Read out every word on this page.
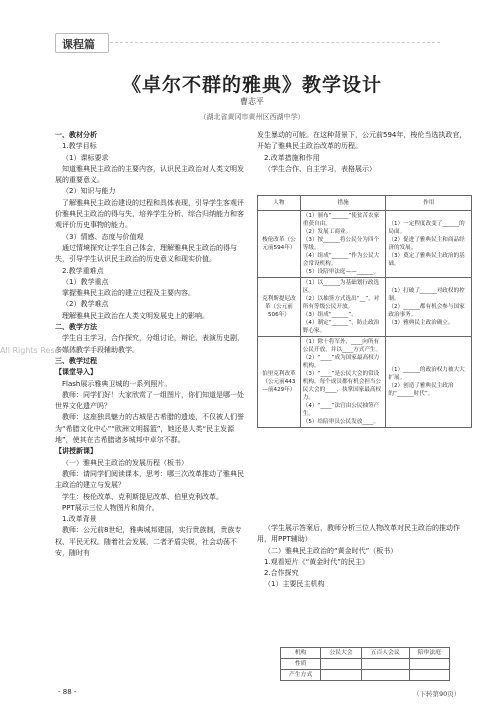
课程篇
《卓尔不群的雅典》教学设计
曹志平
（湖北省黄冈市黄州区西湖中学）

一、教材分析

1.教学目标

（1）课标要求

知道雅典民主政治的主要内容，认识民主政治对人类文明发展的重要意义。

（2）知识与能力

了解雅典民主政治建设的过程和具体表现，引导学生客观评价雅典民主政治的得与失，培养学生分析、综合归纳能力和客观评价历史事物的能力。

（3）情感、态度与价值观

通过情境探究让学生自己体会，理解雅典民主政治的得与失，引导学生认识民主政治的历史意义和现实价值。

2.教学重难点

（1）教学重点

掌握雅典民主政治的建立过程及主要内容。

（2）教学难点

理解雅典民主政治在人类文明发展史上的影响。

二、教学方法

学生自主学习，合作探究，分组讨论，辩论，表演历史剧，多媒体教学手段辅助教学。

三、教学过程

【课堂导入】

Flash展示雅典卫城的一系列照片。

教师：同学们好！大家欣赏了一组图片，你们知道是哪一处世界文化遗产吗？

教师：这座独具魅力的古城是古希腊的遗迹，不仅被人们誉为“希腊文化中心”“欧洲文明摇篮”，她还是人类“民主发源地”，使其在古希腊诸多城邦中卓尔不群。

【讲授新课】

（一）雅典民主政治的发展历程（板书）

教师：请同学们阅读课本，思考：哪三次改革推动了雅典民主政治的建立与发展？

学生：梭伦改革、克利斯提尼改革、伯里克利改革。

PPT展示三位人物图片和简介。

1.改革背景

教师：公元前8世纪，雅典城邦建国，实行贵族制，贵族专权、平民无权。随着社会发展，二者矛盾尖锐，社会动荡不安，随时有

发生暴动的可能。在这种背景下，公元前594年，梭伦当选执政官，开始了雅典民主政治改革的历程。

2.改革措施和作用

（学生合作、自主学习，表格展示）

人物	措施	作用
梭伦改革（公元前594年）	（1）颁布“______”使贫苦农家重获自由。
（2）发展工商业。
（3）按______将公民分为四个等级。
（4）组成“______”作为公民大会常设机构。
（5）设陪审法庭——______。	（1）一定程度改变了______的局面。
（2）促进了雅典民主和商品经济的发展。
（3）奠定了雅典民主政治的基础。
克利斯提尼改革（公元前506年）	（1）以______为基础划行政选区。
（2）以抽签方式选出“__”。对所有等级公民开放。
（3）组成“______”。
（4）制定“______”，防止政治野心家。	（1）打破了______对政权的控制。
（2）______都有机会参与国家政治事务。
（3）雅典民主政治确立。
伯里克利改革（公元前443—前429年）	（1）除十将军外，____向所有公民开放，并以____方式产生。
（2）“____”成为国家最高权力机构。
（3）“____”是公民大会的常设机构，每个成员都有机会担当公民大会的____，执掌国家最高权力。
（4）“____”法官由公民抽签产生。
（5）给陪审员公民发放____。	（1）______的政治权力被大大扩展。
（2）创造了雅典民主政治的“______时代”。

（学生展示答案后，教师分析三位人物改革对民主政治的推动作用，用PPT辅助）

（二）雅典民主政治的“黄金时代”（板书）

1.观看短片《“黄金时代”的民主》

2.合作探究

（1）主要民主机构

机构	公民大会	五百人会议	陪审法庭
性质			
产生方式			
All Rights Reserved.
- 88 -	（下转第90页）
